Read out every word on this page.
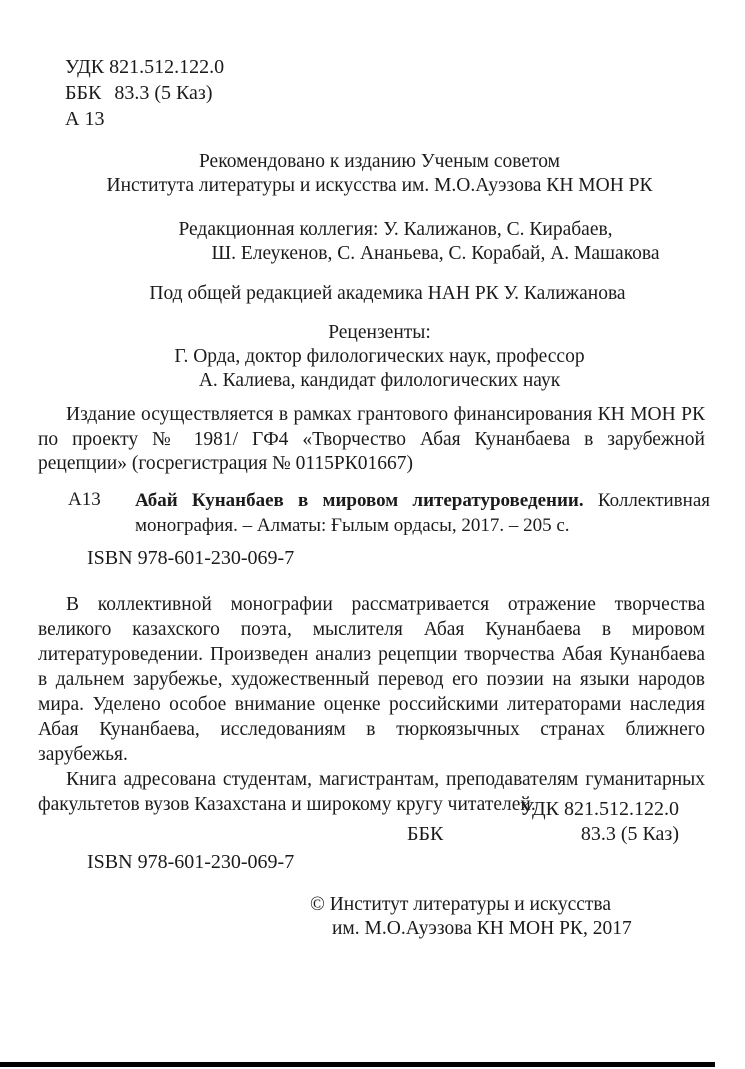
УДК 821.512.122.0
ББК 83.3 (5 Каз)
А 13
Рекомендовано к изданию Ученым советом
Института литературы и искусства им. М.О.Ауэзова КН МОН РК
Редакционная коллегия: У. Калижанов, С. Кирабаев,
Ш. Елеукенов, С. Ананьева, С. Корабай, А. Машакова
Под общей редакцией академика НАН РК У. Калижанова
Рецензенты:
Г. Орда, доктор филологических наук, профессор
А. Калиева, кандидат филологических наук

Издание осуществляется в рамках грантового финансирования КН МОН РК по проекту № 1981/ ГФ4 «Творчество Абая Кунанбаева в зарубежной рецепции» (госрегистрация № 0115РК01667)

А13 Абай Кунанбаев в мировом литературоведении. Коллективная монография. – Алматы: Ғылым ордасы, 2017. – 205 с.
ISBN 978-601-230-069-7

В коллективной монографии рассматривается отражение творчества великого казахского поэта, мыслителя Абая Кунанбаева в мировом литературоведении. Произведен анализ рецепции творчества Абая Кунанбаева в дальнем зарубежье, художественный перевод его поэзии на языки народов мира. Уделено особое внимание оценке российскими литераторами наследия Абая Кунанбаева, исследованиям в тюркоязычных странах ближнего зарубежья.

Книга адресована студентам, магистрантам, преподавателям гуманитарных факультетов вузов Казахстана и широкому кругу читателей.

УДК 821.512.122.0
ББК	83.3 (5 Каз)
ISBN 978-601-230-069-7
© Институт литературы и искусства
им. М.О.Ауэзова КН МОН РК, 2017
